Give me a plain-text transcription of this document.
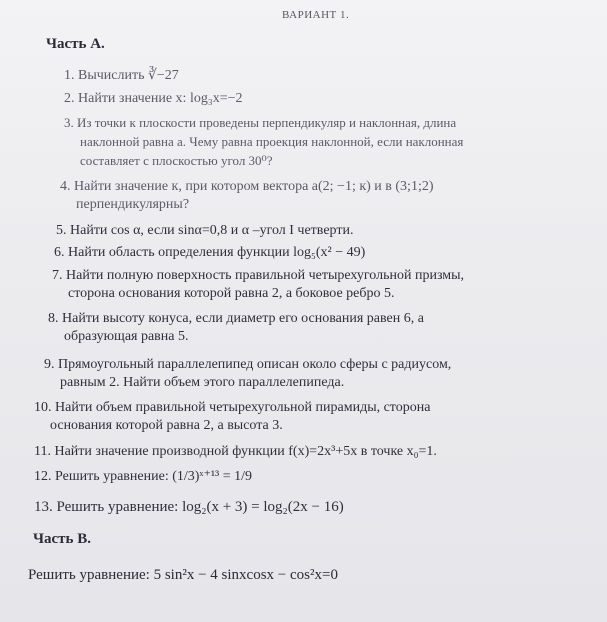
ВАРИАНТ 1.
Часть А.
1. Вычислить ∛−27
2. Найти значение х: log₃x=−2
3. Из точки к плоскости проведены перпендикуляр и наклонная, длина
наклонной равна а. Чему равна проекция наклонной, если наклонная
составляет с плоскостью угол 30⁰?
4. Найти значение к, при котором вектора а(2; −1; к) и в (3;1;2)
перпендикулярны?
5. Найти cos α, если sinα=0,8 и α –угол I четверти.
6. Найти область определения функции log₅(x² − 49)
7. Найти полную поверхность правильной четырехугольной призмы,
сторона основания которой равна 2, а боковое ребро 5.
8. Найти высоту конуса, если диаметр его основания равен 6, а
образующая равна 5.
9. Прямоугольный параллелепипед описан около сферы с радиусом,
равным 2. Найти объем этого параллелепипеда.
10. Найти объем правильной четырехугольной пирамиды, сторона
основания которой равна 2, а высота 3.
11. Найти значение производной функции f(x)=2x³+5x в точке x₀=1.
12. Решить уравнение: (1/3)ˣ⁺¹³ = 1/9
13. Решить уравнение: log₂(x + 3) = log₂(2x − 16)
Часть В.
Решить уравнение: 5 sin²x − 4 sinxcosx − cos²x=0
